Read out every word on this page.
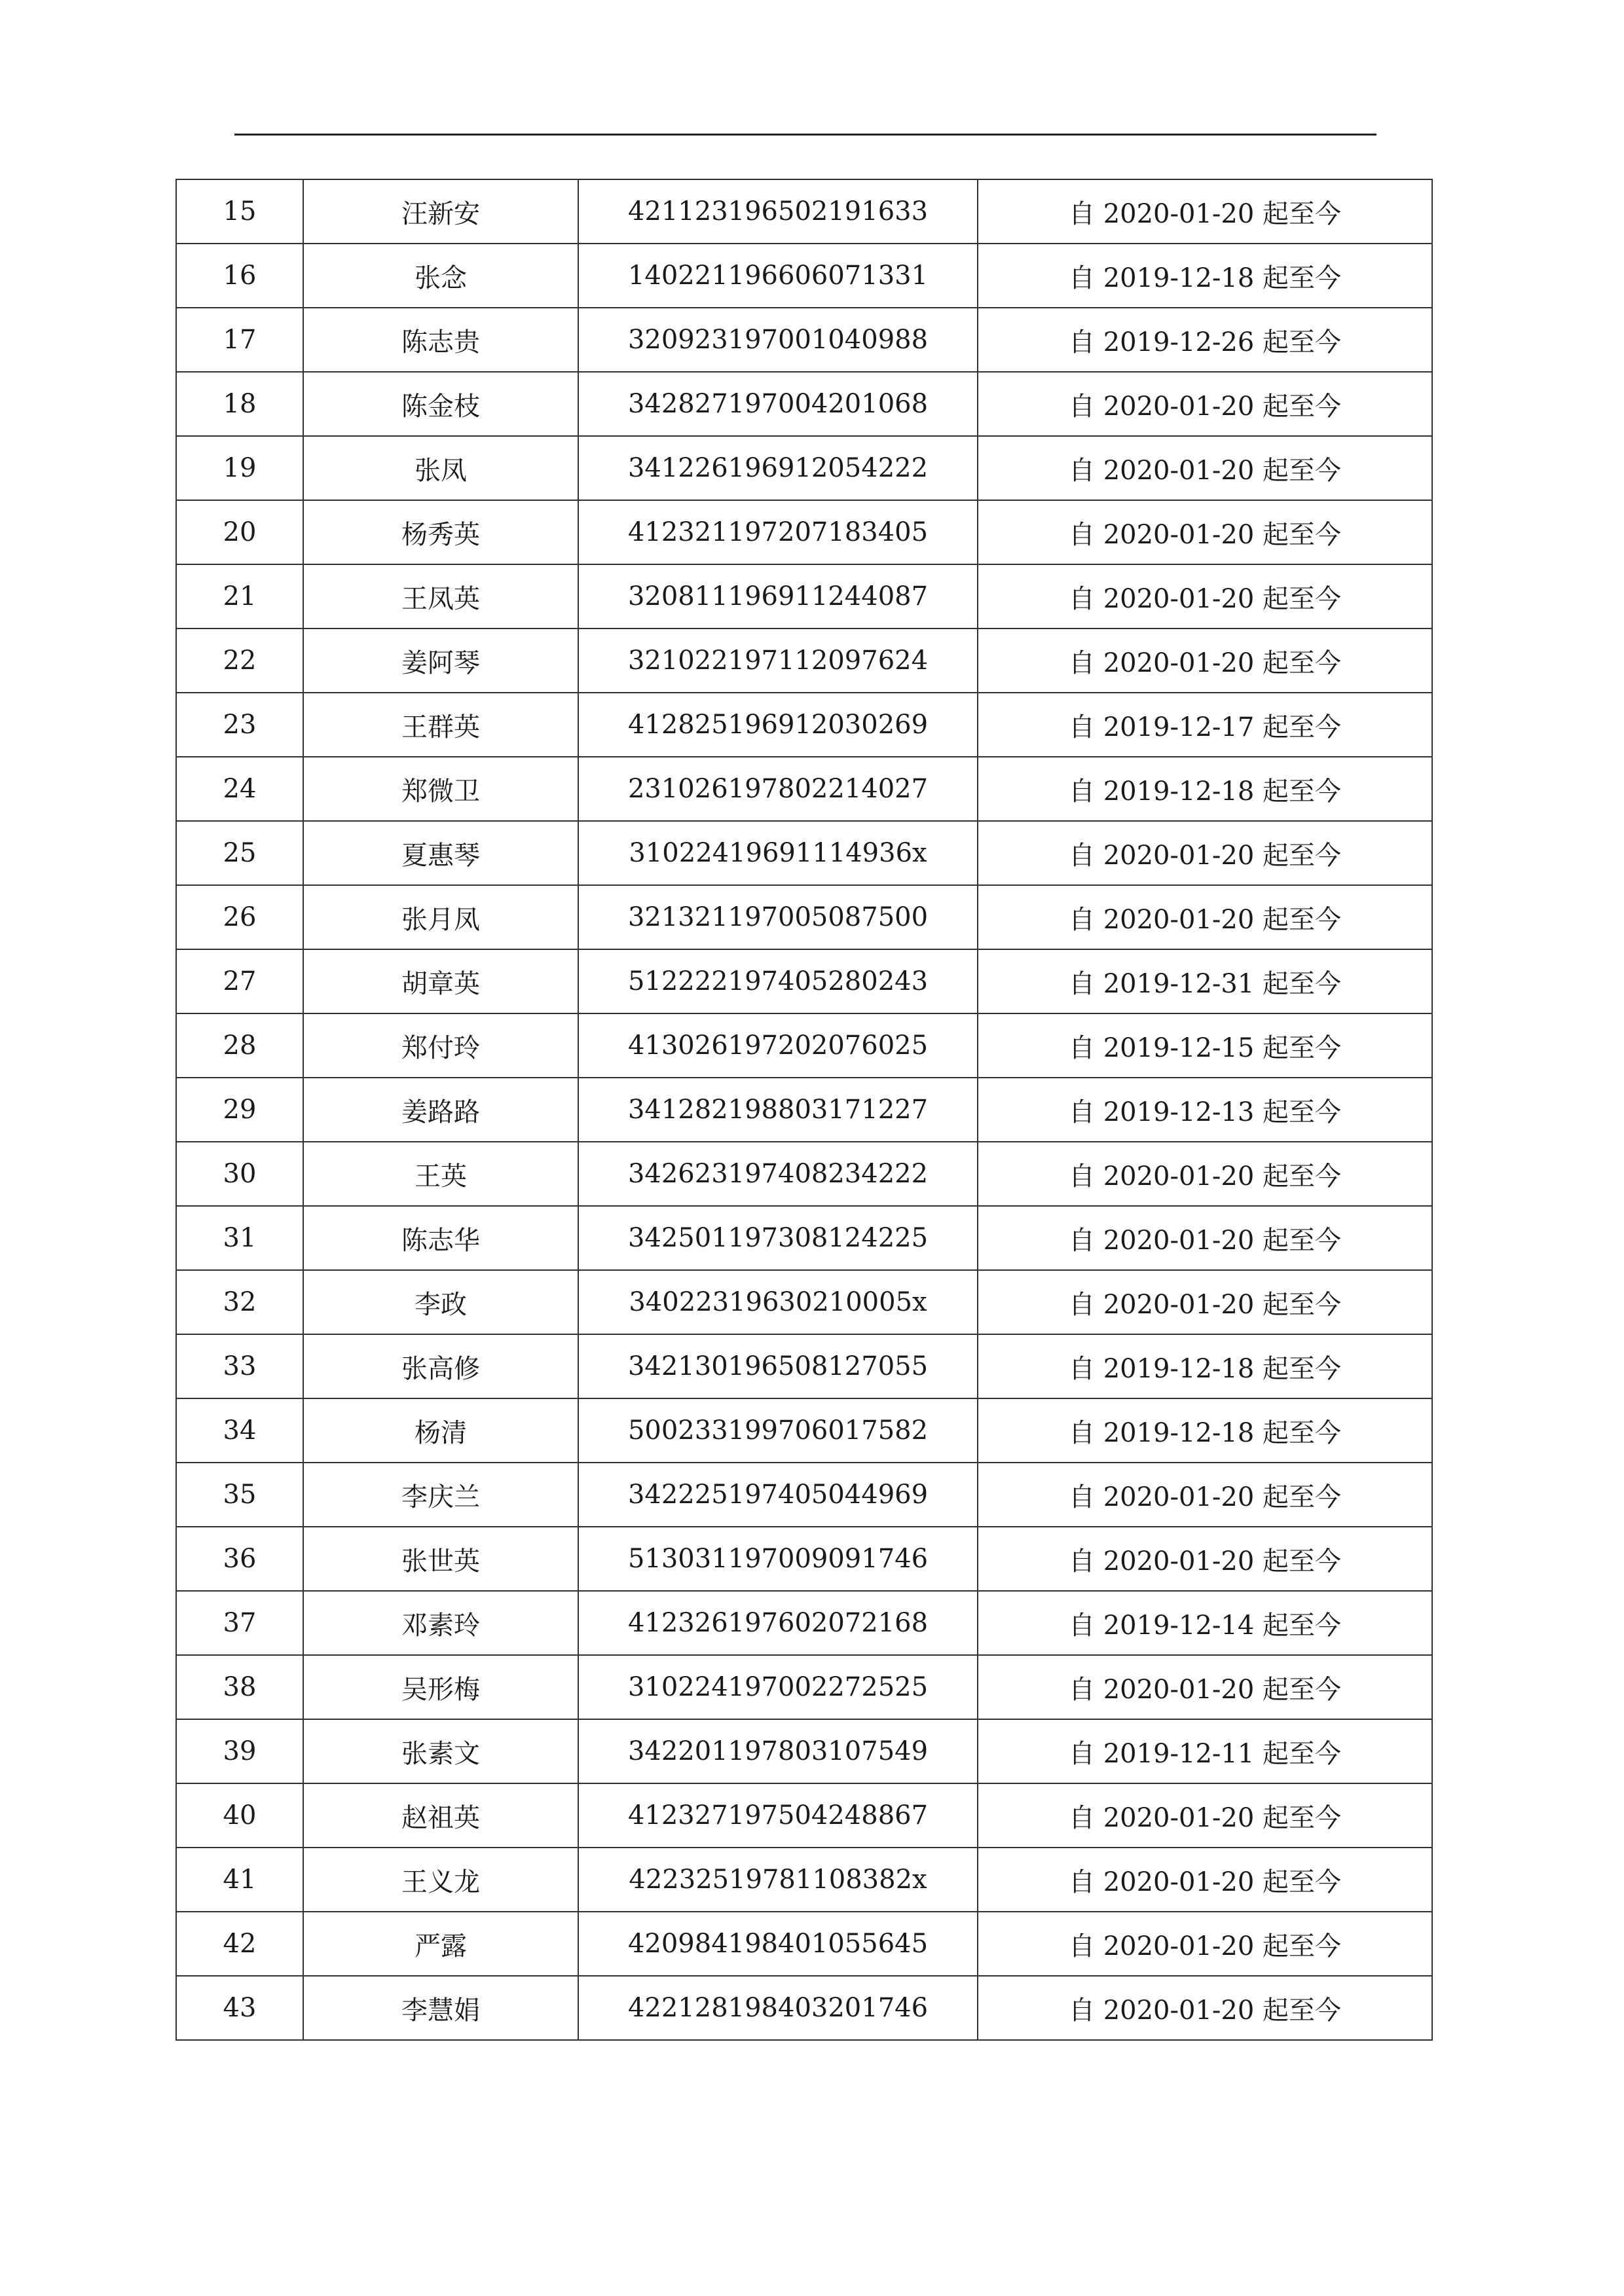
15	汪新安	421123196502191633	自 2020-01-20 起至今
16	张念	140221196606071331	自 2019-12-18 起至今
17	陈志贵	320923197001040988	自 2019-12-26 起至今
18	陈金枝	342827197004201068	自 2020-01-20 起至今
19	张凤	341226196912054222	自 2020-01-20 起至今
20	杨秀英	412321197207183405	自 2020-01-20 起至今
21	王凤英	320811196911244087	自 2020-01-20 起至今
22	姜阿琴	321022197112097624	自 2020-01-20 起至今
23	王群英	412825196912030269	自 2019-12-17 起至今
24	郑微卫	231026197802214027	自 2019-12-18 起至今
25	夏惠琴	31022419691114936x	自 2020-01-20 起至今
26	张月凤	321321197005087500	自 2020-01-20 起至今
27	胡章英	512222197405280243	自 2019-12-31 起至今
28	郑付玲	413026197202076025	自 2019-12-15 起至今
29	姜路路	341282198803171227	自 2019-12-13 起至今
30	王英	342623197408234222	自 2020-01-20 起至今
31	陈志华	342501197308124225	自 2020-01-20 起至今
32	李政	34022319630210005x	自 2020-01-20 起至今
33	张高修	342130196508127055	自 2019-12-18 起至今
34	杨清	500233199706017582	自 2019-12-18 起至今
35	李庆兰	342225197405044969	自 2020-01-20 起至今
36	张世英	513031197009091746	自 2020-01-20 起至今
37	邓素玲	412326197602072168	自 2019-12-14 起至今
38	吴形梅	310224197002272525	自 2020-01-20 起至今
39	张素文	342201197803107549	自 2019-12-11 起至今
40	赵祖英	412327197504248867	自 2020-01-20 起至今
41	王义龙	42232519781108382x	自 2020-01-20 起至今
42	严露	420984198401055645	自 2020-01-20 起至今
43	李慧娟	422128198403201746	自 2020-01-20 起至今
